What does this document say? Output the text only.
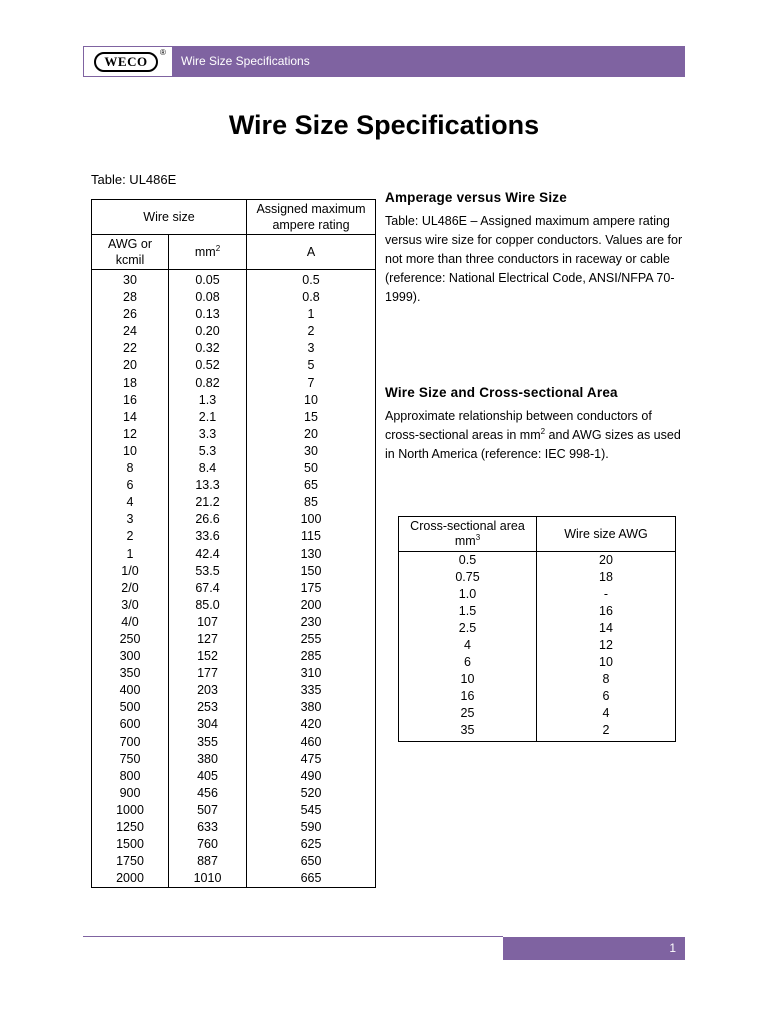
WECO
®
Wire Size Specifications
Wire Size Specifications
Table: UL486E
Wire size		Assigned maximum
ampere rating

AWG or
kcmil	$mm^2$	A
30	0.05	0.5
28	0.08	0.8
26	0.13	1
24	0.20	2
22	0.32	3
20	0.52	5
18	0.82	7
16	1.3	10
14	2.1	15
12	3.3	20
10	5.3	30
8	8.4	50
6	13.3	65
4	21.2	85
3	26.6	100
2	33.6	115
1	42.4	130
1/0	53.5	150
2/0	67.4	175
3/0	85.0	200
4/0	107	230
250	127	255
300	152	285
350	177	310
400	203	335
500	253	380
600	304	420
700	355	460
750	380	475
800	405	490
900	456	520
1000	507	545
1250	633	590
1500	760	625
1750	887	650
2000	1010	665
Amperage versus Wire Size
Table: UL486E – Assigned maximum ampere rating versus wire size for copper conductors. Values are for not more than three conductors in raceway or cable (reference: National Electrical Code, ANSI/NFPA 70-1999).
Wire Size and Cross-sectional Area
Approximate relationship between conductors of cross-sectional areas in $mm^2$ and AWG sizes as used in North America (reference: IEC 998-1).
Cross-sectional area
$mm^3$	Wire size AWG
0.5	20
0.75	18
1.0	-
1.5	16
2.5	14
4	12
6	10
10	8
16	6
25	4
35	2
1
